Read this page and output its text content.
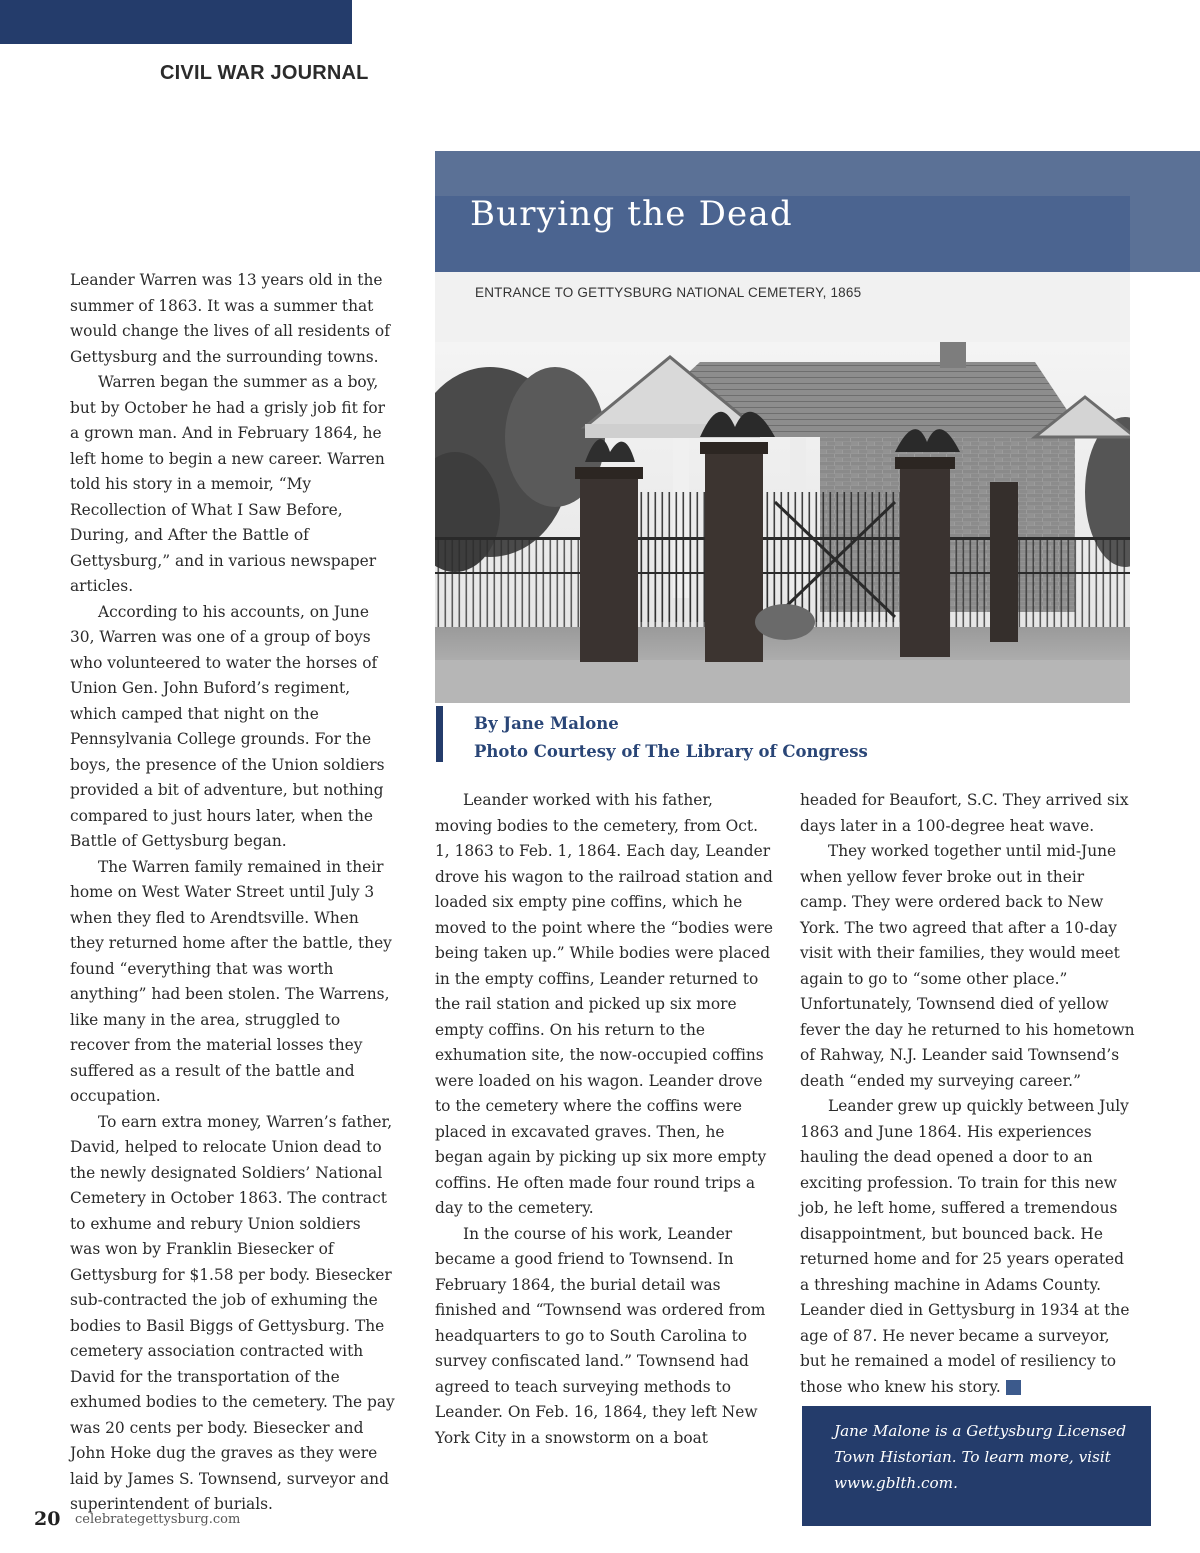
CIVIL WAR JOURNAL
Burying the Dead
ENTRANCE TO GETTYSBURG NATIONAL CEMETERY, 1865
By Jane Malone
Photo Courtesy of The Library of Congress

Leander Warren was 13 years old in the summer of 1863. It was a summer that would change the lives of all residents of Gettysburg and the surrounding towns.

Warren began the summer as a boy, but by October he had a grisly job fit for a grown man. And in February 1864, he left home to begin a new career. Warren told his story in a memoir, “My Recollection of What I Saw Before, During, and After the Battle of Gettysburg,” and in various newspaper articles.

According to his accounts, on June 30, Warren was one of a group of boys who volunteered to water the horses of Union Gen. John Buford’s regiment, which camped that night on the Pennsylvania College grounds. For the boys, the presence of the Union soldiers provided a bit of adventure, but nothing compared to just hours later, when the Battle of Gettysburg began.

The Warren family remained in their home on West Water Street until July 3 when they fled to Arendtsville. When they returned home after the battle, they found “everything that was worth anything” had been stolen. The Warrens, like many in the area, struggled to recover from the material losses they suffered as a result of the battle and occupation.

To earn extra money, Warren’s father, David, helped to relocate Union dead to the newly designated Soldiers’ National Cemetery in October 1863. The contract to exhume and rebury Union soldiers was won by Franklin Biesecker of Gettysburg for $1.58 per body. Biesecker sub-contracted the job of exhuming the bodies to Basil Biggs of Gettysburg. The cemetery association contracted with David for the transportation of the exhumed bodies to the cemetery. The pay was 20 cents per body. Biesecker and John Hoke dug the graves as they were laid by James S. Townsend, surveyor and superintendent of burials.

Leander worked with his father, moving bodies to the cemetery, from Oct. 1, 1863 to Feb. 1, 1864. Each day, Leander drove his wagon to the railroad station and loaded six empty pine coffins, which he moved to the point where the “bodies were being taken up.” While bodies were placed in the empty coffins, Leander returned to the rail station and picked up six more empty coffins. On his return to the exhumation site, the now-occupied coffins were loaded on his wagon. Leander drove to the cemetery where the coffins were placed in excavated graves. Then, he began again by picking up six more empty coffins. He often made four round trips a day to the cemetery.

In the course of his work, Leander became a good friend to Townsend. In February 1864, the burial detail was finished and “Townsend was ordered from headquarters to go to South Carolina to survey confiscated land.” Townsend had agreed to teach surveying methods to Leander. On Feb. 16, 1864, they left New York City in a snowstorm on a boat

headed for Beaufort, S.C. They arrived six days later in a 100-degree heat wave.

They worked together until mid-June when yellow fever broke out in their camp. They were ordered back to New York. The two agreed that after a 10-day visit with their families, they would meet again to go to “some other place.” Unfortunately, Townsend died of yellow fever the day he returned to his hometown of Rahway, N.J. Leander said Townsend’s death “ended my surveying career.”

Leander grew up quickly between July 1863 and June 1864. His experiences hauling the dead opened a door to an exciting profession. To train for this new job, he left home, suffered a tremendous disappointment, but bounced back. He returned home and for 25 years operated a threshing machine in Adams County. Leander died in Gettysburg in 1934 at the age of 87. He never became a surveyor, but he remained a model of resiliency to those who knew his story.	G

Jane Malone is a Gettysburg Licensed Town Historian. To learn more, visit www.gblth.com.
20 celebrategettysburg.com
